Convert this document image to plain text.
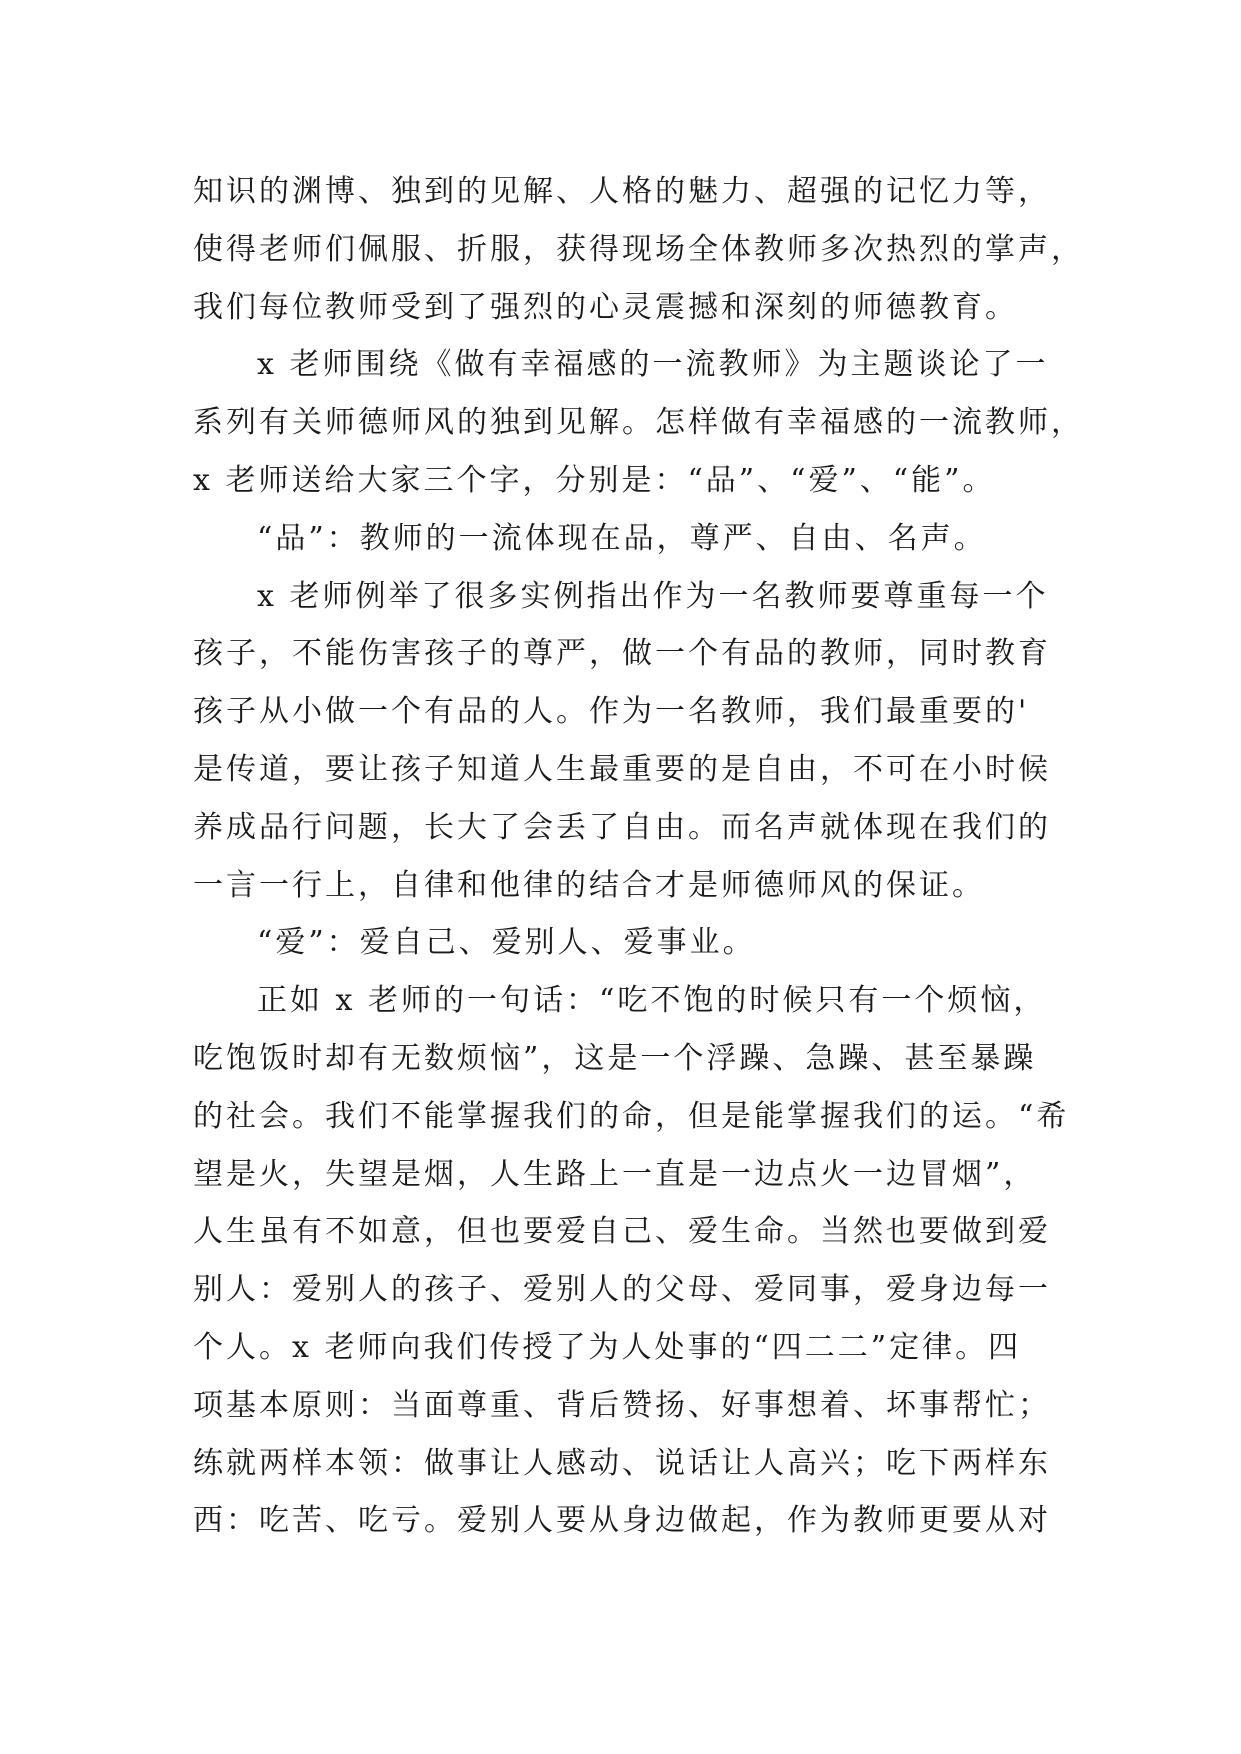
知识的渊博、独到的见解、人格的魅力、超强的记忆力等，
使得老师们佩服、折服，获得现场全体教师多次热烈的掌声，
我们每位教师受到了强烈的心灵震撼和深刻的师德教育。
x 老师围绕《做有幸福感的一流教师》为主题谈论了一
系列有关师德师风的独到见解。怎样做有幸福感的一流教师，
x 老师送给大家三个字，分别是：“品”、“爱”、“能”。
“品”：教师的一流体现在品，尊严、自由、名声。
x 老师例举了很多实例指出作为一名教师要尊重每一个
孩子，不能伤害孩子的尊严，做一个有品的教师，同时教育
孩子从小做一个有品的人。作为一名教师，我们最重要的'
是传道，要让孩子知道人生最重要的是自由，不可在小时候
养成品行问题，长大了会丢了自由。而名声就体现在我们的
一言一行上，自律和他律的结合才是师德师风的保证。
“爱”：爱自己、爱别人、爱事业。
正如 x 老师的一句话：“吃不饱的时候只有一个烦恼，
吃饱饭时却有无数烦恼”，这是一个浮躁、急躁、甚至暴躁
的社会。我们不能掌握我们的命，但是能掌握我们的运。“希
望是火，失望是烟，人生路上一直是一边点火一边冒烟”，
人生虽有不如意，但也要爱自己、爱生命。当然也要做到爱
别人：爱别人的孩子、爱别人的父母、爱同事，爱身边每一
个人。x 老师向我们传授了为人处事的“四二二”定律。四
项基本原则：当面尊重、背后赞扬、好事想着、坏事帮忙；
练就两样本领：做事让人感动、说话让人高兴；吃下两样东
西：吃苦、吃亏。爱别人要从身边做起，作为教师更要从对
